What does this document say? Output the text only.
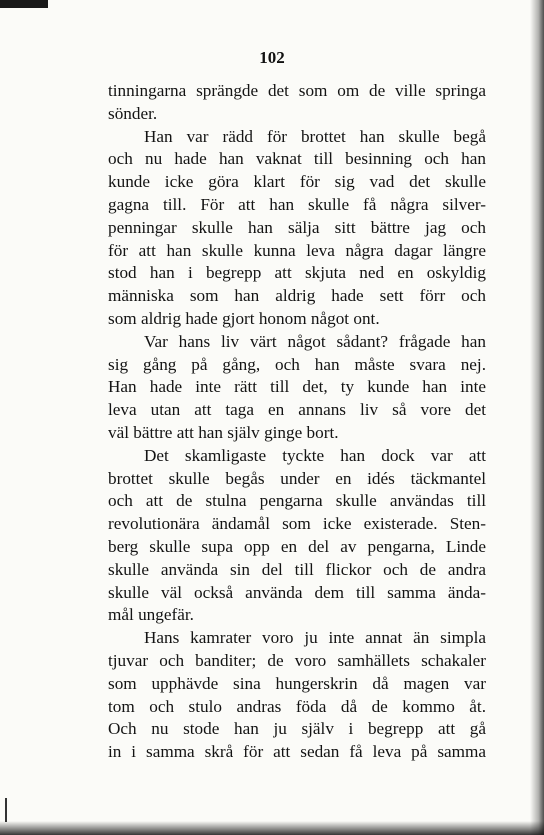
102
tinningarna sprängde det som om de ville springa
sönder.
Han var rädd för brottet han skulle begå
och nu hade han vaknat till besinning och han
kunde icke göra klart för sig vad det skulle
gagna till. För att han skulle få några silver-
penningar skulle han sälja sitt bättre jag och
för att han skulle kunna leva några dagar längre
stod han i begrepp att skjuta ned en oskyldig
människa som han aldrig hade sett förr och
som aldrig hade gjort honom något ont.
Var hans liv värt något sådant? frågade han
sig gång på gång, och han måste svara nej.
Han hade inte rätt till det, ty kunde han inte
leva utan att taga en annans liv så vore det
väl bättre att han själv ginge bort.
Det skamligaste tyckte han dock var att
brottet skulle begås under en idés täckmantel
och att de stulna pengarna skulle användas till
revolutionära ändamål som icke existerade. Sten-
berg skulle supa opp en del av pengarna, Linde
skulle använda sin del till flickor och de andra
skulle väl också använda dem till samma ända-
mål ungefär.
Hans kamrater voro ju inte annat än simpla
tjuvar och banditer; de voro samhällets schakaler
som upphävde sina hungerskrin då magen var
tom och stulo andras föda då de kommo åt.
Och nu stode han ju själv i begrepp att gå
in i samma skrå för att sedan få leva på samma
